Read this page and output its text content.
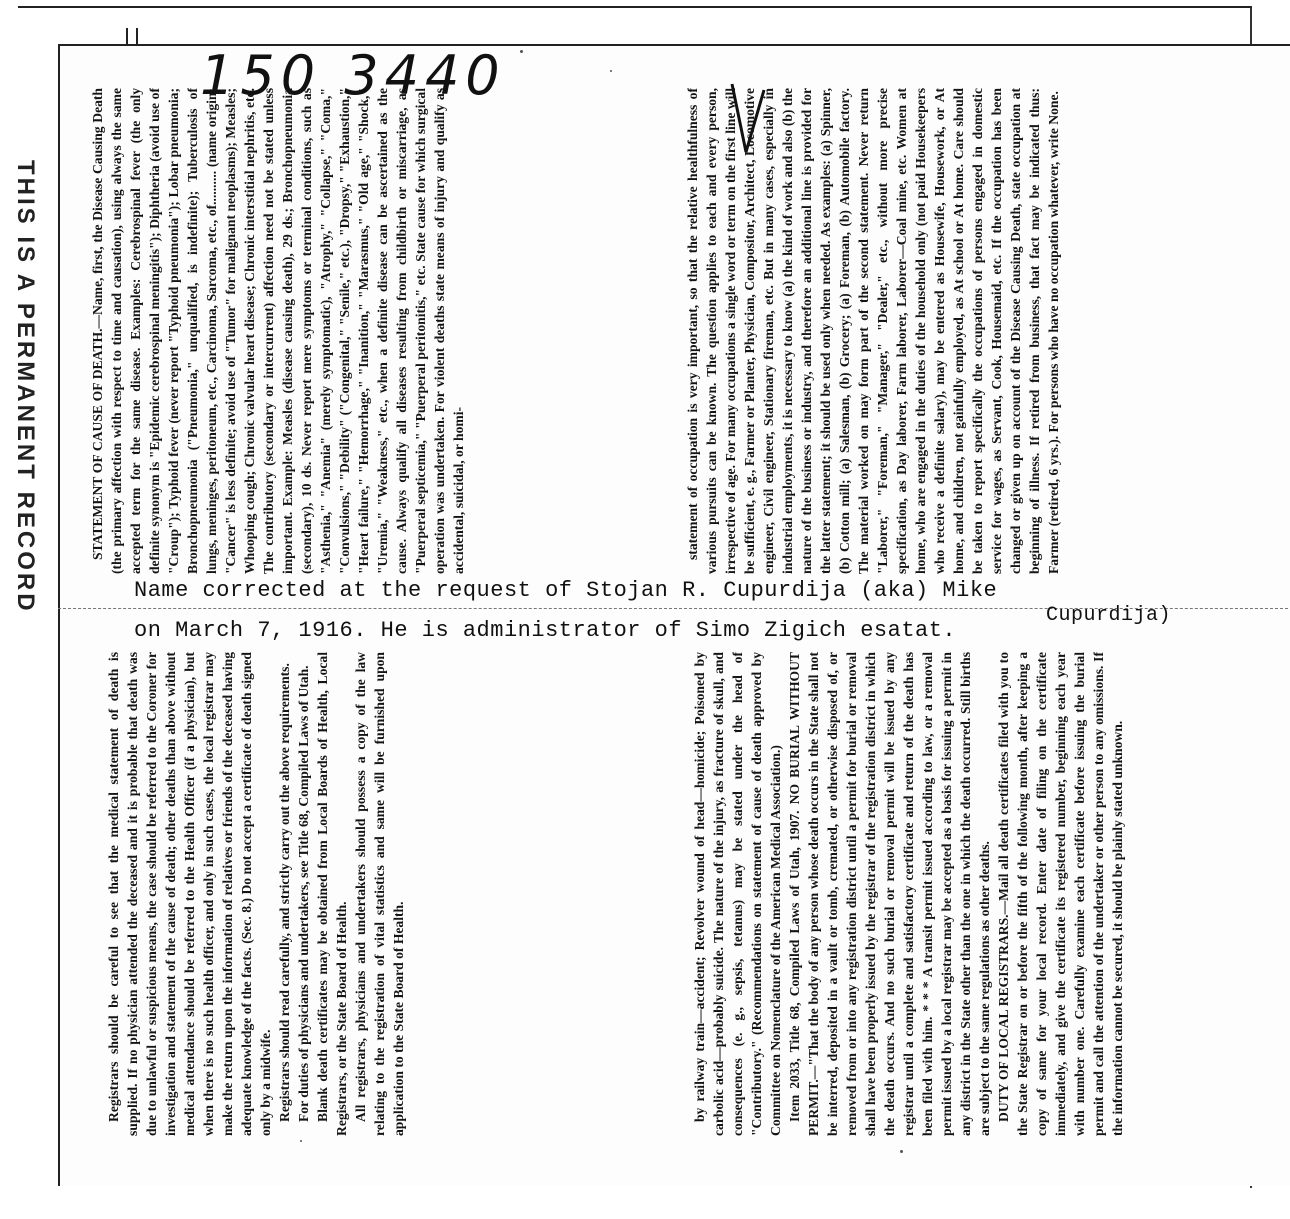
150 3440
THIS IS A PERMANENT RECORD	statement of occupation is very important, so that the relative healthfulness of various pursuits can be known. The question applies to each and every person, irrespective of age. For many occupations a single word or term on the first line will be sufficient, e. g., Farmer or Planter, Physician, Compositor, Architect, Locomotive engineer, Civil engineer, Stationary fireman, etc. But in many cases, especially in industrial employments, it is necessary to know (a) the kind of work and also (b) the nature of the business or industry, and therefore an additional line is provided for the latter statement; it should be used only when needed. As examples: (a) Spinner, (b) Cotton mill; (a) Salesman, (b) Grocery; (a) Foreman, (b) Automobile factory. The material worked on may form part of the second statement. Never return "Laborer," "Foreman," "Manager," "Dealer," etc., without more precise specification, as Day laborer, Farm laborer, Laborer—Coal mine, etc. Women at home, who are engaged in the duties of the household only (not paid Housekeepers who receive a definite salary), may be entered as Housewife, Housework, or At home, and children, not gainfully employed, as At school or At home. Care should be taken to report specifically the occupations of persons engaged in domestic service for wages, as Servant, Cook, Housemaid, etc. If the occupation has been changed or given up on account of the Disease Causing Death, state occupation at beginning of illness. If retired from business, that fact may be indicated thus: Farmer (retired, 6 yrs.). For persons who have no occupation whatever, write None.

STATEMENT OF CAUSE OF DEATH.—Name, first, the Disease Causing Death (the primary affection with respect to time and causation), using always the same accepted term for the same disease. Examples: Cerebrospinal fever (the only definite synonym is "Epidemic cerebrospinal meningitis"); Diphtheria (avoid use of "Croup"); Typhoid fever (never report "Typhoid pneumonia"); Lobar pneumonia; Bronchopneumonia ("Pneumonia," unqualified, is indefinite); Tuberculosis of lungs, meninges, peritoneum, etc., Carcinoma, Sarcoma, etc., of.......... (name origin; "Cancer" is less definite; avoid use of "Tumor" for malignant neoplasms); Measles; Whooping cough; Chronic valvular heart disease; Chronic interstitial nephritis, etc. The contributory (secondary or intercurrent) affection need not be stated unless important. Example: Measles (disease causing death), 29 ds.; Bronchopneumonia (secondary), 10 ds. Never report mere symptoms or terminal conditions, such as "Asthenia," "Anemia" (merely symptomatic), "Atrophy," "Collapse," "Coma," "Convulsions," "Debility" ("Congenital," "Senile," etc.), "Dropsy," "Exhaustion," "Heart failure," "Hemorrhage," "Inanition," "Marasmus," "Old age," "Shock," "Uremia," "Weakness," etc., when a definite disease can be ascertained as the cause. Always qualify all diseases resulting from childbirth or miscarriage, as "Puerperal septicemia," "Puerperal peritonitis," etc. State cause for which surgical operation was undertaken. For violent deaths state means of injury and qualify as accidental, suicidal, or homi-

Name corrected at the request of Stojan R. Cupurdija (aka) Mike
Cupurdija)
on March 7, 1916. He is administrator of Simo Zigich esatat.

by railway train—accident; Revolver wound of head—homicide; Poisoned by carbolic acid—probably suicide. The nature of the injury, as fracture of skull, and consequences (e. g., sepsis, tetanus) may be stated under the head of "Contributory." (Recommendations on statement of cause of death approved by Committee on Nomenclature of the American Medical Association.) Item 2033, Title 68, Compiled Laws of Utah, 1907. NO BURIAL WITHOUT PERMIT.—"That the body of any person whose death occurs in the State shall not be interred, deposited in a vault or tomb, cremated, or otherwise disposed of, or removed from or into any registration district until a permit for burial or removal shall have been properly issued by the registrar of the registration district in which the death occurs. And no such burial or removal permit will be issued by any registrar until a complete and satisfactory certificate and return of the death has been filed with him. * * * A transit permit issued according to law, or a removal permit issued by a local registrar may be accepted as a basis for issuing a permit in any district in the State other than the one in which the death occurred. Still births are subject to the same regulations as other deaths. DUTY OF LOCAL REGISTRARS.—Mail all death certificates filed with you to the State Registrar on or before the fifth of the following month, after keeping a copy of same for your local record. Enter date of filing on the certificate immediately, and give the certificate its registered number, beginning each year with number one. Carefully examine each certificate before issuing the burial permit and call the attention of the undertaker or other person to any omissions. If the information cannot be secured, it should be plainly stated unknown.

Registrars should be careful to see that the medical statement of death is supplied. If no physician attended the deceased and it is probable that death was due to unlawful or suspicious means, the case should be referred to the Coroner for investigation and statement of the cause of death; other deaths than above without medical attendance should be referred to the Health Officer (if a physician), but when there is no such health officer, and only in such cases, the local registrar may make the return upon the information of relatives or friends of the deceased having adequate knowledge of the facts. (Sec. 8.) Do not accept a certificate of death signed only by a midwife. Registrars should read carefully, and strictly carry out the above requirements. For duties of physicians and undertakers, see Title 68, Compiled Laws of Utah. Blank death certificates may be obtained from Local Boards of Health, Local Registrars, or the State Board of Health. All registrars, physicians and undertakers should possess a copy of the law relating to the registration of vital statistics and same will be furnished upon application to the State Board of Health.
